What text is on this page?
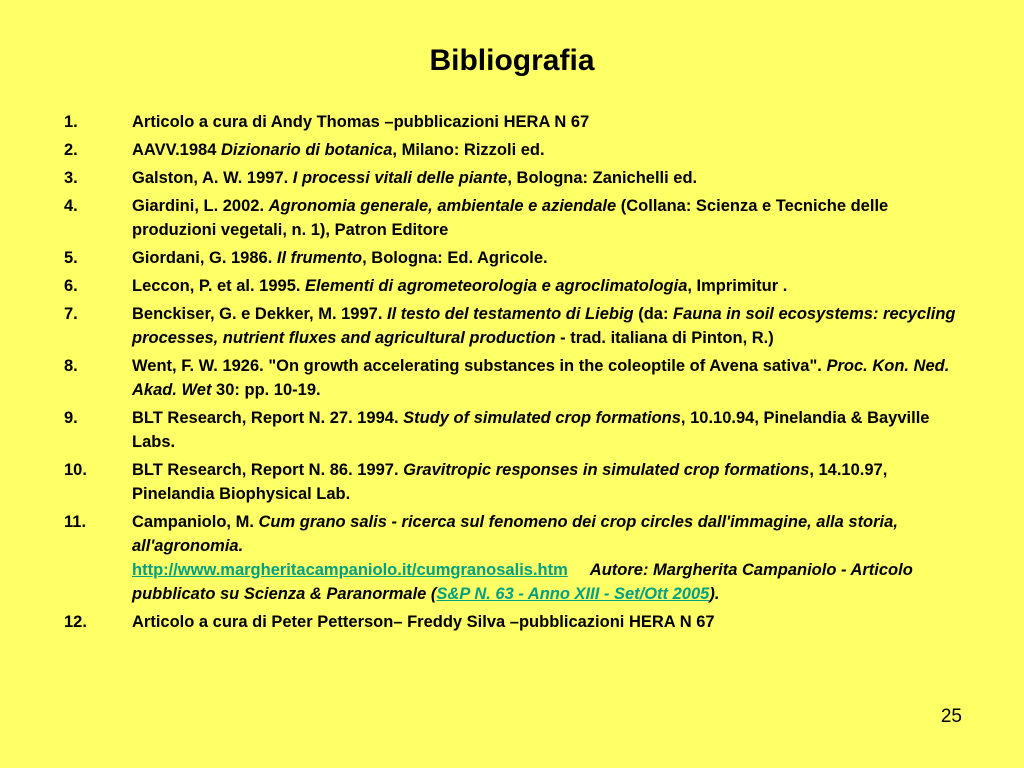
Bibliografia
1.	Articolo a cura di Andy Thomas –pubblicazioni HERA N 67
2.	AAVV.1984 Dizionario di botanica, Milano: Rizzoli ed.
3.	Galston, A. W. 1997. I processi vitali delle piante, Bologna: Zanichelli ed.
4.	Giardini, L. 2002. Agronomia generale, ambientale e aziendale (Collana: Scienza e Tecniche delle produzioni vegetali, n. 1), Patron Editore
5.	Giordani, G. 1986. Il frumento, Bologna: Ed. Agricole.
6.	Leccon, P. et al. 1995. Elementi di agrometeorologia e agroclimatologia, Imprimitur .
7.	Benckiser, G. e Dekker, M. 1997. Il testo del testamento di Liebig (da: Fauna in soil ecosystems: recycling processes, nutrient fluxes and agricultural production - trad. italiana di Pinton, R.)
8.	Went, F. W. 1926. "On growth accelerating substances in the coleoptile of Avena sativa". Proc. Kon. Ned. Akad. Wet 30: pp. 10-19.
9.	BLT Research, Report N. 27. 1994. Study of simulated crop formations, 10.10.94, Pinelandia & Bayville Labs.
10.	BLT Research, Report N. 86. 1997. Gravitropic responses in simulated crop formations, 14.10.97, Pinelandia Biophysical Lab.
11.	Campaniolo, M. Cum grano salis - ricerca sul fenomeno dei crop circles dall'immagine, alla storia, all'agronomia.
http://www.margheritacampaniolo.it/cumgranosalis.htm Autore: Margherita Campaniolo - Articolo pubblicato su Scienza & Paranormale (S&P N. 63 - Anno XIII - Set/Ott 2005).
12.	Articolo a cura di Peter Petterson– Freddy Silva –pubblicazioni HERA N 67
25
